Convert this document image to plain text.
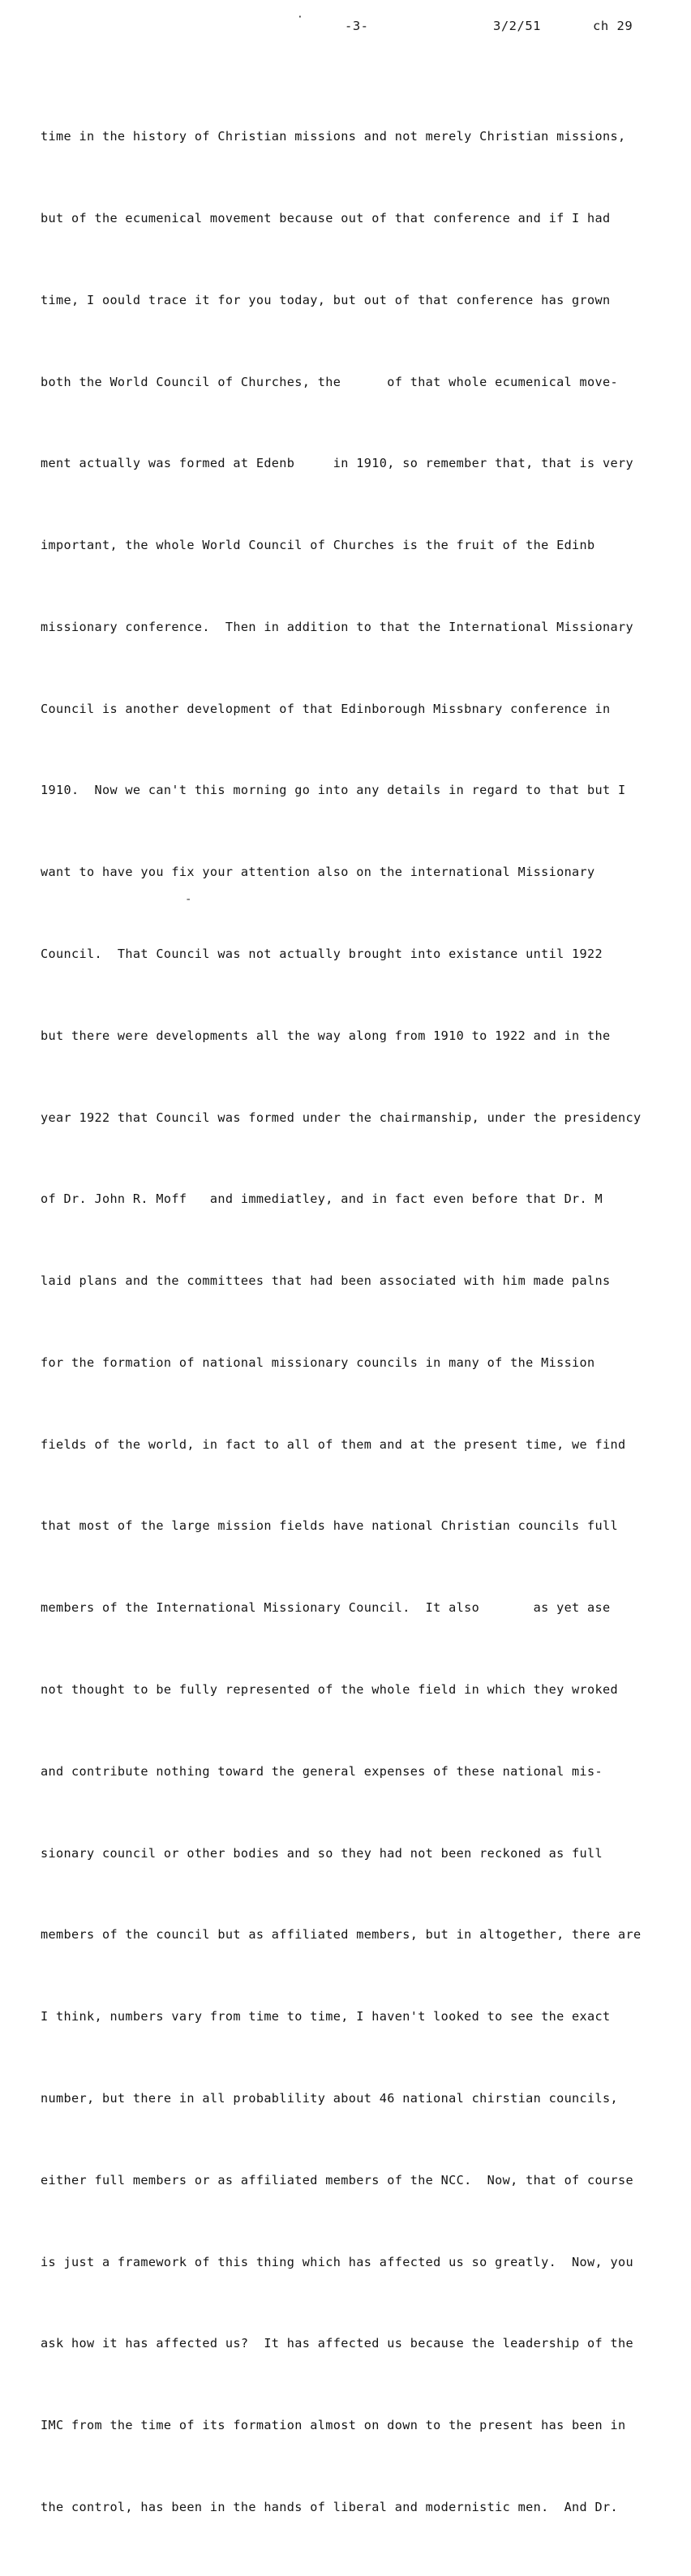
·
-3-	3/2/51	ch 29

time in the history of Christian missions and not merely Christian missions,

but of the ecumenical movement because out of that conference and if I had

time, I oould trace it for you today, but out of that conference has grown

both the World Council of Churches, the      of that whole ecumenical move-

ment actually was formed at Edenb     in 1910, so remember that, that is very

important, the whole World Council of Churches is the fruit of the Edinb

missionary conference.  Then in addition to that the International Missionary

Council is another development of that Edinborough Missbnary conference in

1910.  Now we can't this morning go into any details in regard to that but I

want to have you fix your attention also on the international Missionary

Council.  That Council was not actually brought into existance until 1922

but there were developments all the way along from 1910 to 1922 and in the

year 1922 that Council was formed under the chairmanship, under the presidency

of Dr. John R. Moff   and immediatley, and in fact even before that Dr. M

laid plans and the committees that had been associated with him made palns

for the formation of national missionary councils in many of the Mission

fields of the world, in fact to all of them and at the present time, we find

that most of the large mission fields have national Christian councils full

members of the International Missionary Council.  It also       as yet ase

not thought to be fully represented of the whole field in which they wroked

and contribute nothing toward the general expenses of these national mis-

sionary council or other bodies and so they had not been reckoned as full

members of the council but as affiliated members, but in altogether, there are

I think, numbers vary from time to time, I haven't looked to see the exact

number, but there in all probablility about 46 national chirstian councils,

either full members or as affiliated members of the NCC.  Now, that of course

is just a framework of this thing which has affected us so greatly.  Now, you

ask how it has affected us?  It has affected us because the leadership of the

IMC from the time of its formation almost on down to the present has been in

the control, has been in the hands of liberal and modernistic men.  And Dr.

-
